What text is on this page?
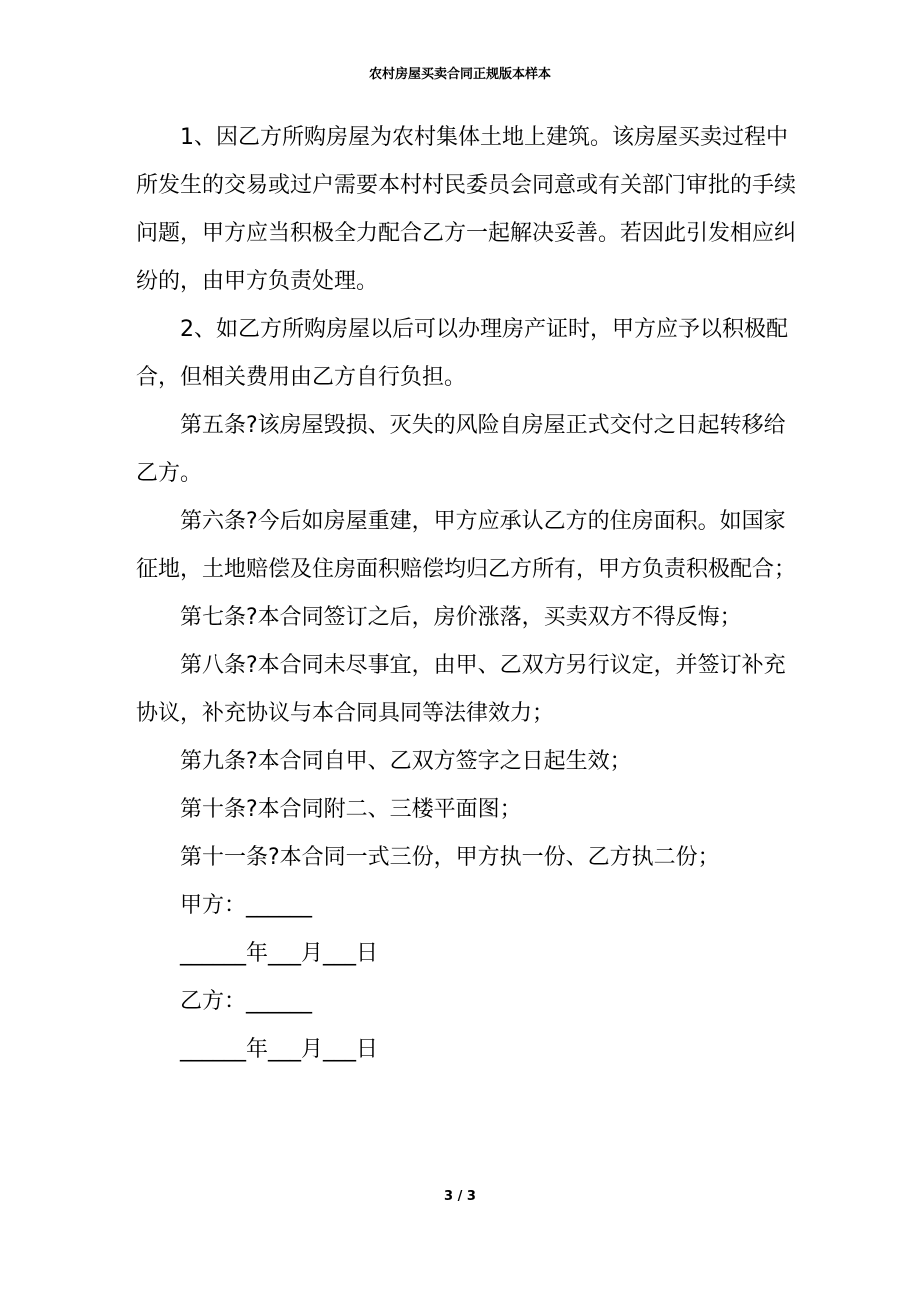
农村房屋买卖合同正规版本样本

1、因乙方所购房屋为农村集体土地上建筑。该房屋买卖过程中所发生的交易或过户需要本村村民委员会同意或有关部门审批的手续问题，甲方应当积极全力配合乙方一起解决妥善。若因此引发相应纠纷的，由甲方负责处理。

2、如乙方所购房屋以后可以办理房产证时，甲方应予以积极配合，但相关费用由乙方自行负担。

第五条?该房屋毁损、灭失的风险自房屋正式交付之日起转移给乙方。

第六条?今后如房屋重建，甲方应承认乙方的住房面积。如国家征地，土地赔偿及住房面积赔偿均归乙方所有，甲方负责积极配合；

第七条?本合同签订之后，房价涨落，买卖双方不得反悔；

第八条?本合同未尽事宜，由甲、乙双方另行议定，并签订补充协议，补充协议与本合同具同等法律效力；

第九条?本合同自甲、乙双方签字之日起生效；

第十条?本合同附二、三楼平面图；

第十一条?本合同一式三份，甲方执一份、乙方执二份；

甲方：______

______年___月___日

乙方：______

______年___月___日

3 / 3
